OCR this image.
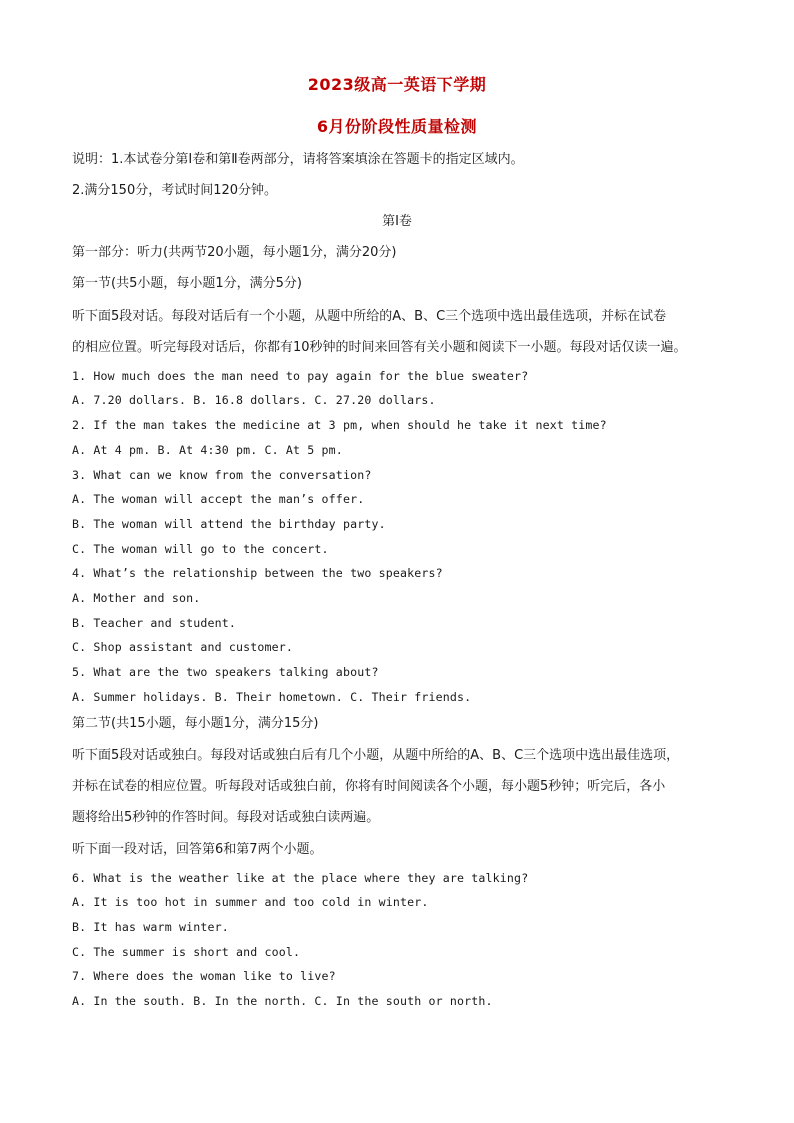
2023级高一英语下学期
6月份阶段性质量检测
说明：1.本试卷分第Ⅰ卷和第Ⅱ卷两部分，请将答案填涂在答题卡的指定区域内。
2.满分150分，考试时间120分钟。
第Ⅰ卷
第一部分：听力(共两节20小题，每小题1分，满分20分)
第一节(共5小题，每小题1分，满分5分)
听下面5段对话。每段对话后有一个小题，从题中所给的A、B、C三个选项中选出最佳选项，并标在试卷
的相应位置。听完每段对话后，你都有10秒钟的时间来回答有关小题和阅读下一小题。每段对话仅读一遍。
1. How much does the man need to pay again for the blue sweater?
A. 7.20 dollars. B. 16.8 dollars. C. 27.20 dollars.
2. If the man takes the medicine at 3 pm, when should he take it next time?
A. At 4 pm. B. At 4:30 pm. C. At 5 pm.
3. What can we know from the conversation?
A. The woman will accept the man’s offer.
B. The woman will attend the birthday party.
C. The woman will go to the concert.
4. What’s the relationship between the two speakers?
A. Mother and son.
B. Teacher and student.
C. Shop assistant and customer.
5. What are the two speakers talking about?
A. Summer holidays. B. Their hometown. C. Their friends.
第二节(共15小题，每小题1分，满分15分)
听下面5段对话或独白。每段对话或独白后有几个小题，从题中所给的A、B、C三个选项中选出最佳选项，
并标在试卷的相应位置。听每段对话或独白前，你将有时间阅读各个小题，每小题5秒钟；听完后，各小
题将给出5秒钟的作答时间。每段对话或独白读两遍。
听下面一段对话，回答第6和第7两个小题。
6. What is the weather like at the place where they are talking?
A. It is too hot in summer and too cold in winter.
B. It has warm winter.
C. The summer is short and cool.
7. Where does the woman like to live?
A. In the south. B. In the north. C. In the south or north.
